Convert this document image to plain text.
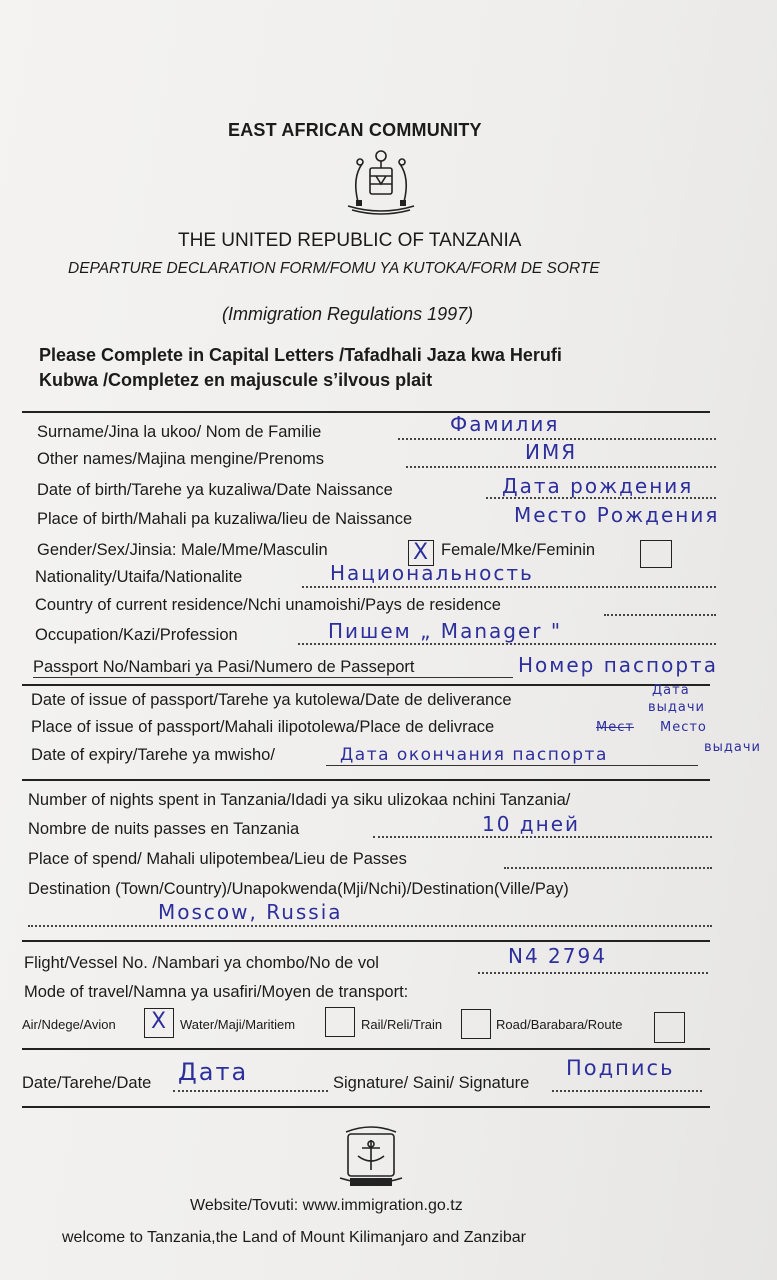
EAST AFRICAN COMMUNITY
THE UNITED REPUBLIC OF TANZANIA
DEPARTURE DECLARATION FORM/FOMU YA KUTOKA/FORM DE SORTE
(Immigration Regulations 1997)
Please Complete in Capital Letters /Tafadhali Jaza kwa Herufi
Kubwa /Completez en majuscule s’ilvous plait
Surname/Jina la ukoo/ Nom de Familie	Фамилия
Other names/Majina mengine/Prenoms	ИМЯ
Date of birth/Tarehe ya kuzaliwa/Date Naissance	Дата рождения
Place of birth/Mahali pa kuzaliwa/lieu de Naissance	Место Рождения
Gender/Sex/Jinsia: Male/Mme/Masculin	X Female/Mke/Feminin
Nationality/Utaifa/Nationalite	Национальность
Country of current residence/Nchi unamoishi/Pays de residence
Occupation/Kazi/Profession	Пишем „ Manager "
Passport No/Nambari ya Pasi/Numero de Passeport	Номер паспорта
Date of issue of passport/Tarehe ya kutolewa/Date de deliverance
Дата
выдачи
Place of issue of passport/Mahali ilipotolewa/Place de delivrace	Мест Место
выдачи
Date of expiry/Tarehe ya mwisho/	Дата окончания паспорта
Number of nights spent in Tanzania/Idadi ya siku ulizokaa nchini Tanzania/
Nombre de nuits passes en Tanzania	10 дней
Place of spend/ Mahali ulipotembea/Lieu de Passes
Destination (Town/Country)/Unapokwenda(Mji/Nchi)/Destination(Ville/Pay)
Moscow, Russia
Flight/Vessel No. /Nambari ya chombo/No de vol	N4 2794
Mode of travel/Namna ya usafiri/Moyen de transport:
Air/Ndege/Avion X Water/Maji/Maritiem	Rail/Reli/Train	Road/Barabara/Route
Date/Tarehe/Date Дата	Signature/ Saini/ Signature
Подпись
Website/Tovuti: www.immigration.go.tz
welcome to Tanzania,the Land of Mount Kilimanjaro and Zanzibar
